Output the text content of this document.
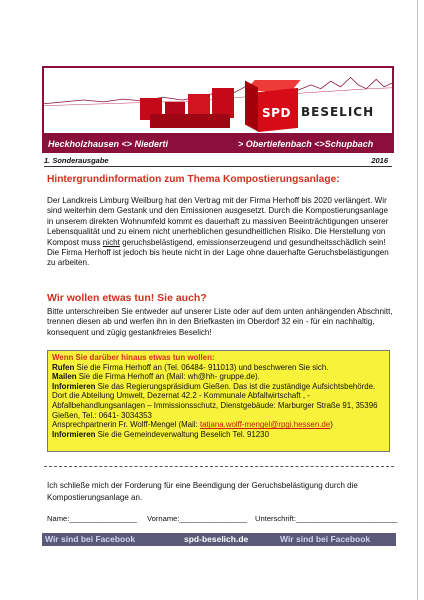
SPD BESELICH
Heckholzhausen <> Niederti	> Obertiefenbach <>Schupbach
1. Sonderausgabe	2016
Hintergrundinformation zum Thema Kompostierungsanlage:
Der Landkreis Limburg Weilburg hat den Vertrag mit der Firma Herhoff bis 2020 verlängert. Wir sind weiterhin dem Gestank und den Emissionen ausgesetzt. Durch die Kompostierungsanlage in unserem direkten Wohnumfeld kommt es dauerhaft zu massiven Beeinträchtigungen unserer Lebensqualität und zu einem nicht unerheblichen gesundheitlichen Risiko. Die Herstellung von Kompost muss nicht geruchsbelästigend, emissionserzeugend und gesundheitsschädlich sein!
Die Firma Herhoff ist jedoch bis heute nicht in der Lage ohne dauerhafte Geruchsbelästigungen zu arbeiten.
Wir wollen etwas tun! Sie auch?
Bitte unterschreiben Sie entweder auf unserer Liste oder auf dem unten anhängenden Abschnitt, trennen diesen ab und werfen ihn in den Briefkasten im Oberdorf 32 ein - für ein nachhaltig, konsequent und zügig gestankfreies Beselich!
Wenn Sie darüber hinaus etwas tun wollen:
Rufen Sie die Firma Herhoff an (Tel. 06484- 911013) und beschweren Sie sich.
Mailen Sie die Firma Herhoff an (Mail: wh@hh- gruppe.de).
Informieren Sie das Regierungspräsidium Gießen. Das ist die zuständige Aufsichtsbehörde. Dort die Abteilung Umwelt, Dezernat 42.2 - Kommunale Abfallwirtschaft , - Abfallbehandlungsanlagen – Immissionsschutz, Dienstgebäude: Marburger Straße 91, 35396 Gießen, Tel.: 0641- 3034353
Ansprechpartnerin Fr. Wolff-Mengel (Mail: tatjana.wolff-mengel@rpgi.hessen.de)
Informieren Sie die Gemeindeverwaltung Beselich Tel. 91230
Ich schließe mich der Forderung für eine Beendigung der Geruchsbelästigung durch die Kompostierungsanlage an.
Name:________________ Vorname:________________ Unterschrift:________________________
Wir sind bei Facebook	spd-beselich.de	Wir sind bei Facebook
